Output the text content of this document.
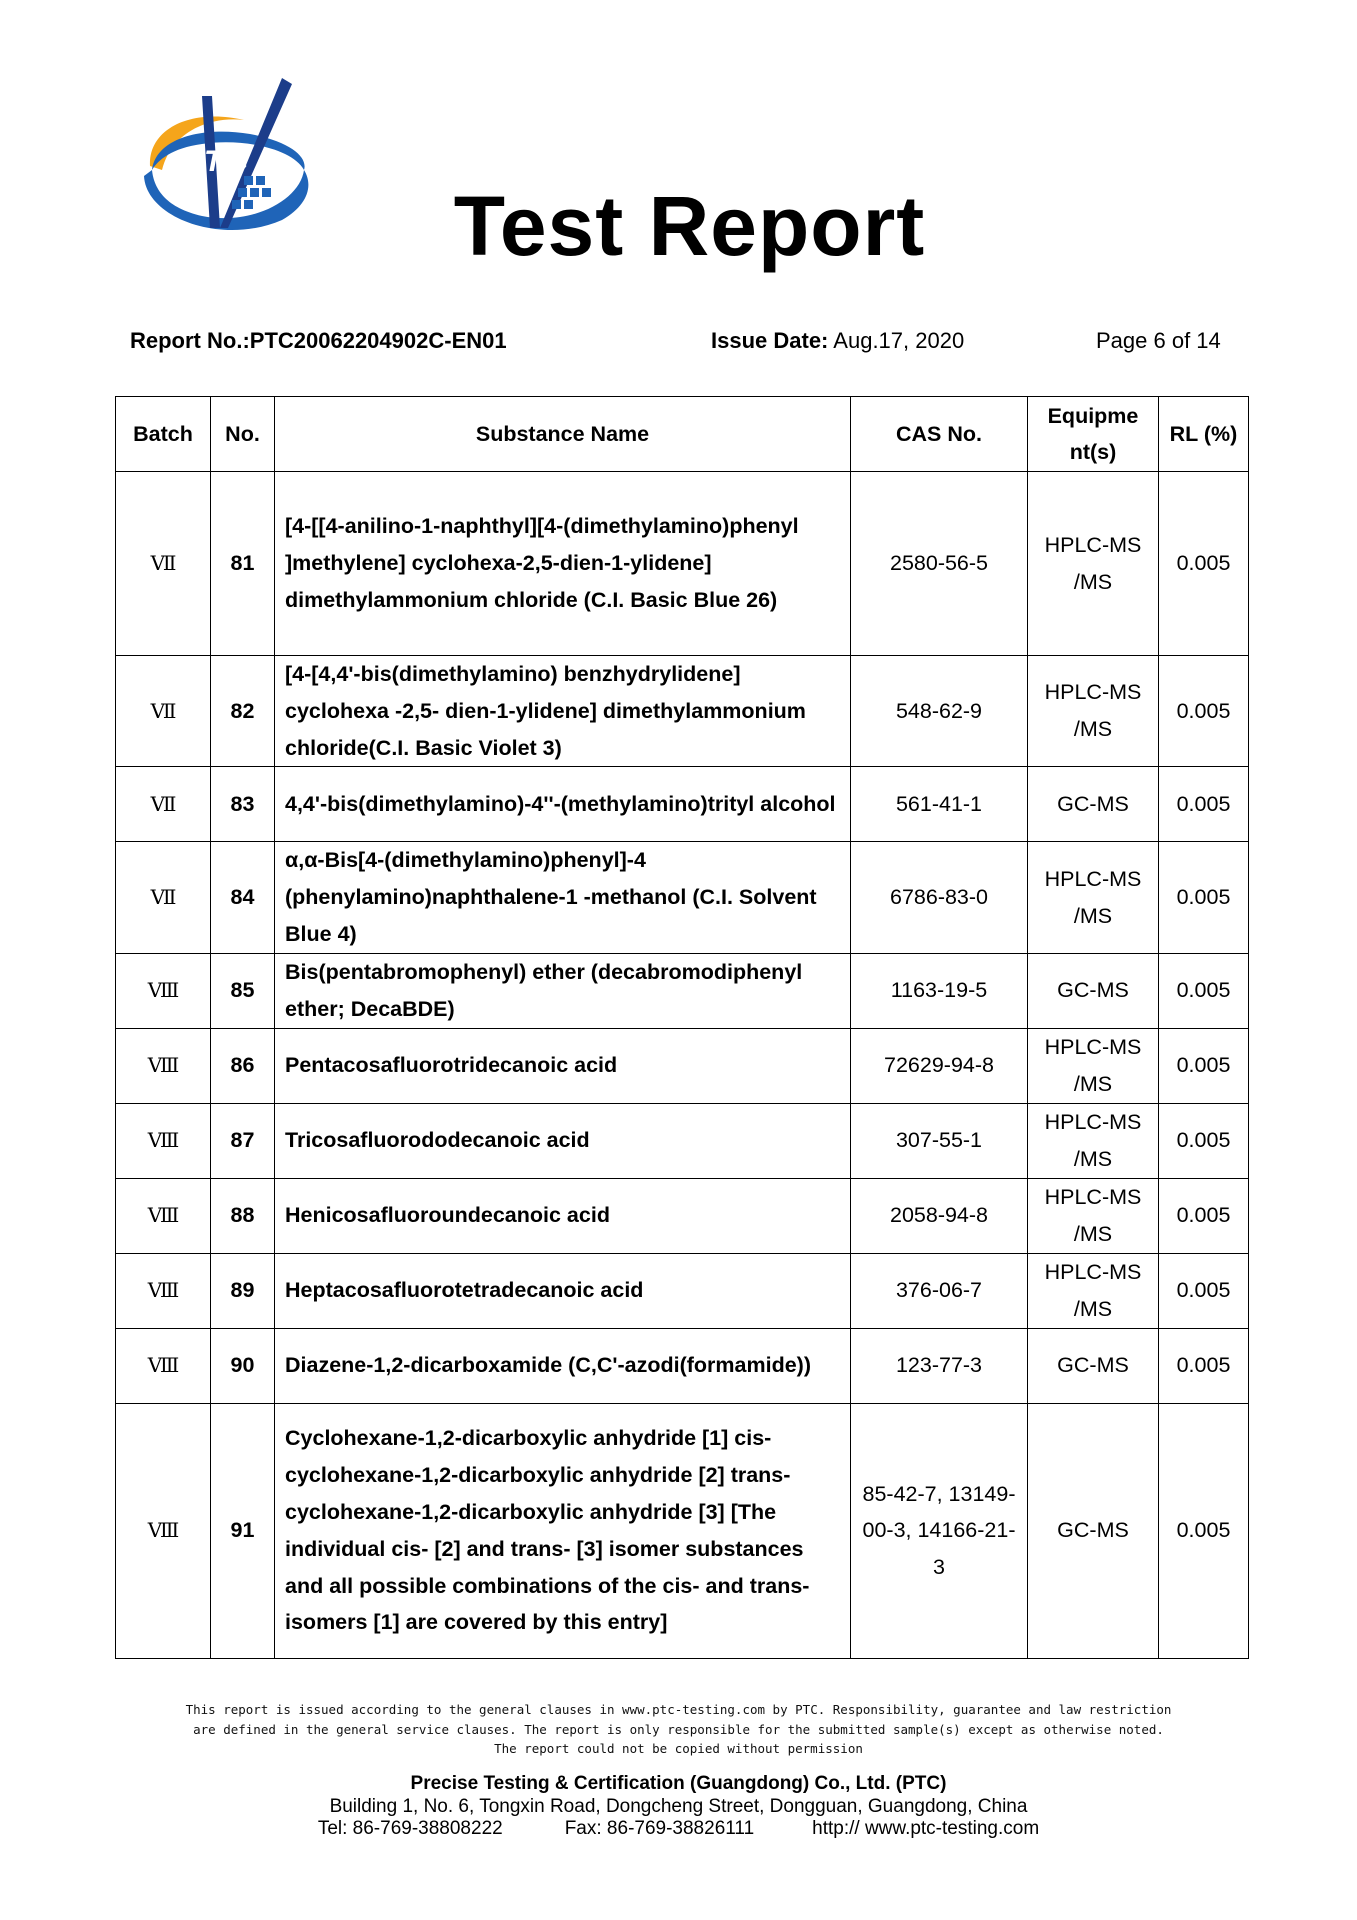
PTC
Test Report
Report No.:PTC20062204902C-EN01	Issue Date: Aug.17, 2020	Page 6 of 14
Batch	No.	Substance Name	CAS No.	Equipme nt(s)	RL (%)
Ⅶ	81	[4-[[4-anilino-1-naphthyl][4-(dimethylamino)phenyl ]methylene] cyclohexa-2,5-dien-1-ylidene] dimethylammonium chloride (C.I. Basic Blue 26)	2580-56-5	HPLC-MS /MS	0.005
Ⅶ	82	[4-[4,4'-bis(dimethylamino) benzhydrylidene] cyclohexa -2,5- dien-1-ylidene] dimethylammonium chloride(C.I. Basic Violet 3)	548-62-9	HPLC-MS /MS	0.005
Ⅶ	83	4,4'-bis(dimethylamino)-4''-(methylamino)trityl alcohol	561-41-1	GC-MS	0.005
Ⅶ	84	α,α-Bis[4-(dimethylamino)phenyl]-4 (phenylamino)naphthalene-1 -methanol (C.I. Solvent Blue 4)	6786-83-0	HPLC-MS /MS	0.005
Ⅷ	85	Bis(pentabromophenyl) ether (decabromodiphenyl ether; DecaBDE)	1163-19-5	GC-MS	0.005
Ⅷ	86	Pentacosafluorotridecanoic acid	72629-94-8	HPLC-MS /MS	0.005
Ⅷ	87	Tricosafluorododecanoic acid	307-55-1	HPLC-MS /MS	0.005
Ⅷ	88	Henicosafluoroundecanoic acid	2058-94-8	HPLC-MS /MS	0.005
Ⅷ	89	Heptacosafluorotetradecanoic acid	376-06-7	HPLC-MS /MS	0.005
Ⅷ	90	Diazene-1,2-dicarboxamide (C,C'-azodi(formamide))	123-77-3	GC-MS	0.005
Ⅷ	91	Cyclohexane-1,2-dicarboxylic anhydride [1] cis-cyclohexane-1,2-dicarboxylic anhydride [2] trans-cyclohexane-1,2-dicarboxylic anhydride [3] [The individual cis- [2] and trans- [3] isomer substances and all possible combinations of the cis- and trans-isomers [1] are covered by this entry]	85-42-7, 13149-00-3, 14166-21-3	GC-MS	0.005
This report is issued according to the general clauses in www.ptc-testing.com by PTC. Responsibility, guarantee and law restriction
are defined in the general service clauses. The report is only responsible for the submitted sample(s) except as otherwise noted.
The report could not be copied without permission
Precise Testing & Certification (Guangdong) Co., Ltd. (PTC)
Building 1, No. 6, Tongxin Road, Dongcheng Street, Dongguan, Guangdong, China
Tel: 86-769-38808222	Fax: 86-769-38826111	http:// www.ptc-testing.com
